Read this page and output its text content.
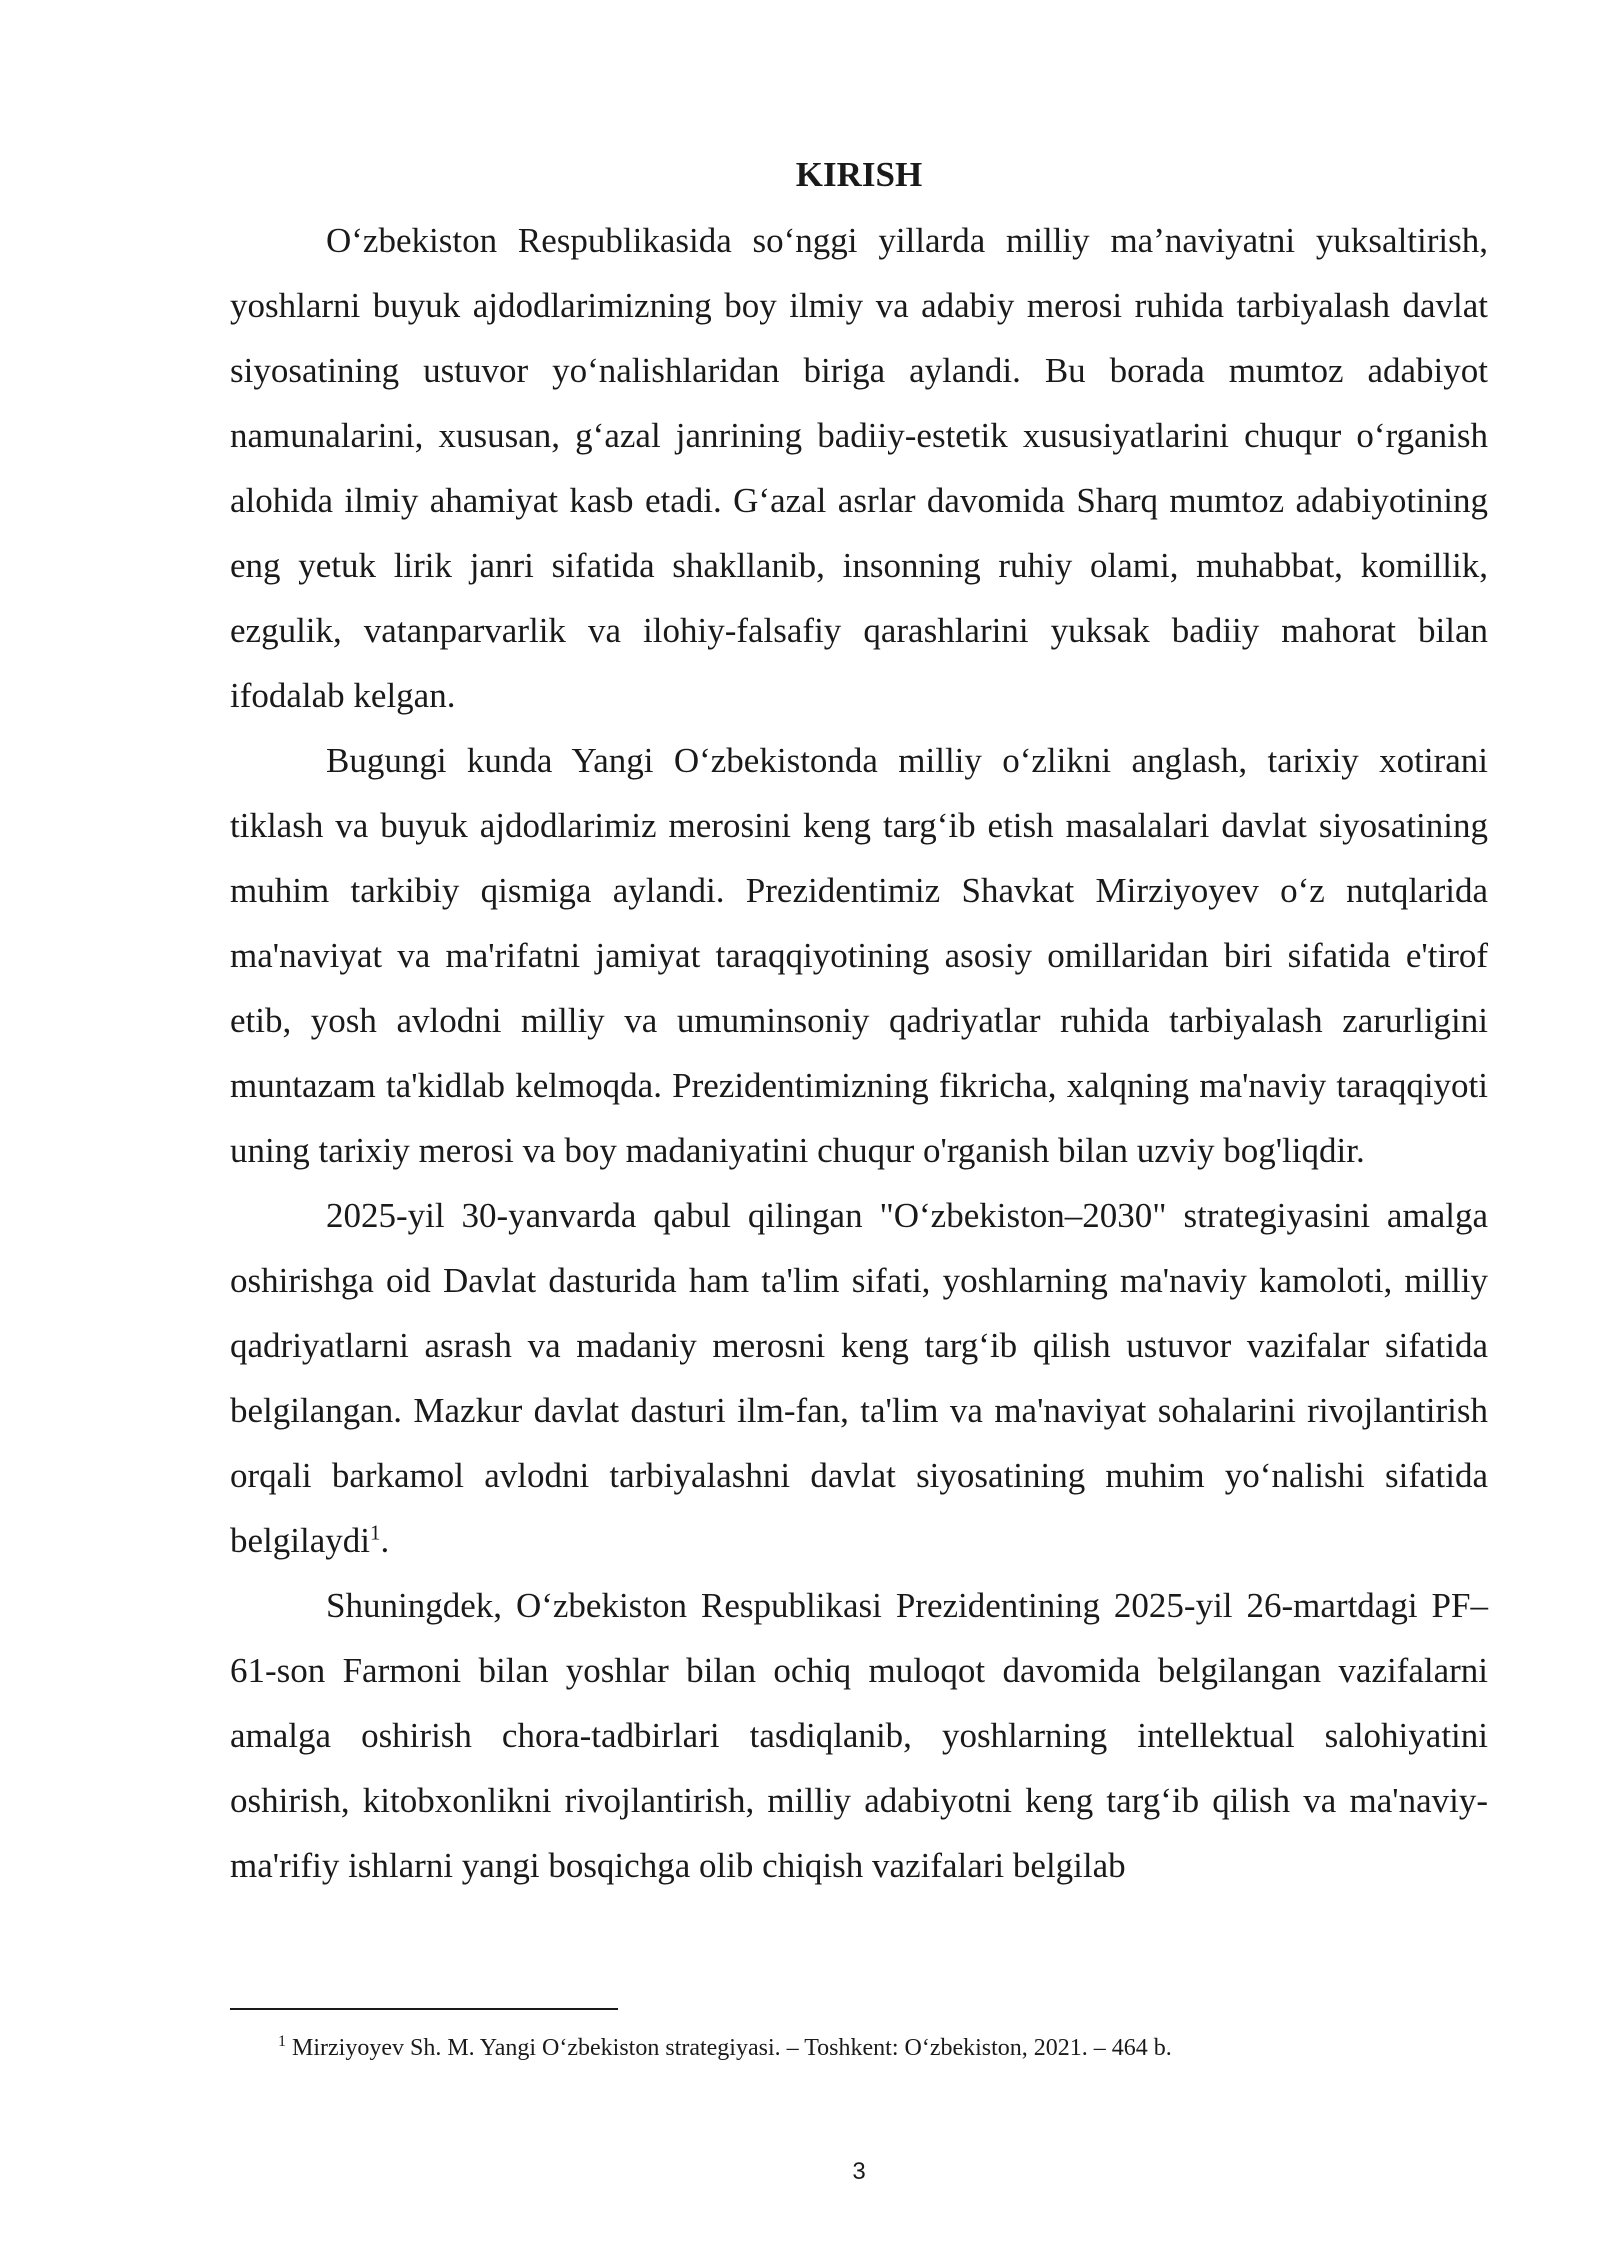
KIRISH

O‘zbekiston Respublikasida so‘nggi yillarda milliy ma’naviyatni yuksaltirish, yoshlarni buyuk ajdodlarimizning boy ilmiy va adabiy merosi ruhida tarbiyalash davlat siyosatining ustuvor yo‘nalishlaridan biriga aylandi. Bu borada mumtoz adabiyot namunalarini, xususan, g‘azal janrining badiiy-estetik xususiyatlarini chuqur o‘rganish alohida ilmiy ahamiyat kasb etadi. G‘azal asrlar davomida Sharq mumtoz adabiyotining eng yetuk lirik janri sifatida shakllanib, insonning ruhiy olami, muhabbat, komillik, ezgulik, vatanparvarlik va ilohiy-falsafiy qarashlarini yuksak badiiy mahorat bilan ifodalab kelgan.

Bugungi kunda Yangi O‘zbekistonda milliy o‘zlikni anglash, tarixiy xotirani tiklash va buyuk ajdodlarimiz merosini keng targ‘ib etish masalalari davlat siyosatining muhim tarkibiy qismiga aylandi. Prezidentimiz Shavkat Mirziyoyev o‘z nutqlarida ma'naviyat va ma'rifatni jamiyat taraqqiyotining asosiy omillaridan biri sifatida e'tirof etib, yosh avlodni milliy va umuminsoniy qadriyatlar ruhida tarbiyalash zarurligini muntazam ta'kidlab kelmoqda. Prezidentimizning fikricha, xalqning ma'naviy taraqqiyoti uning tarixiy merosi va boy madaniyatini chuqur o'rganish bilan uzviy bog'liqdir.

2025-yil 30-yanvarda qabul qilingan "O‘zbekiston–2030" strategiyasini amalga oshirishga oid Davlat dasturida ham ta'lim sifati, yoshlarning ma'naviy kamoloti, milliy qadriyatlarni asrash va madaniy merosni keng targ‘ib qilish ustuvor vazifalar sifatida belgilangan. Mazkur davlat dasturi ilm-fan, ta'lim va ma'naviyat sohalarini rivojlantirish orqali barkamol avlodni tarbiyalashni davlat siyosatining muhim yo‘nalishi sifatida belgilaydi$^1$.

Shuningdek, O‘zbekiston Respublikasi Prezidentining 2025-yil 26-martdagi PF–61-son Farmoni bilan yoshlar bilan ochiq muloqot davomida belgilangan vazifalarni amalga oshirish chora-tadbirlari tasdiqlanib, yoshlarning intellektual salohiyatini oshirish, kitobxonlikni rivojlantirish, milliy adabiyotni keng targ‘ib qilish va ma'naviy-ma'rifiy ishlarni yangi bosqichga olib chiqish vazifalari belgilab

$^1$ Mirziyoyev Sh. M. Yangi O‘zbekiston strategiyasi. – Toshkent: O‘zbekiston, 2021. – 464 b.

3
